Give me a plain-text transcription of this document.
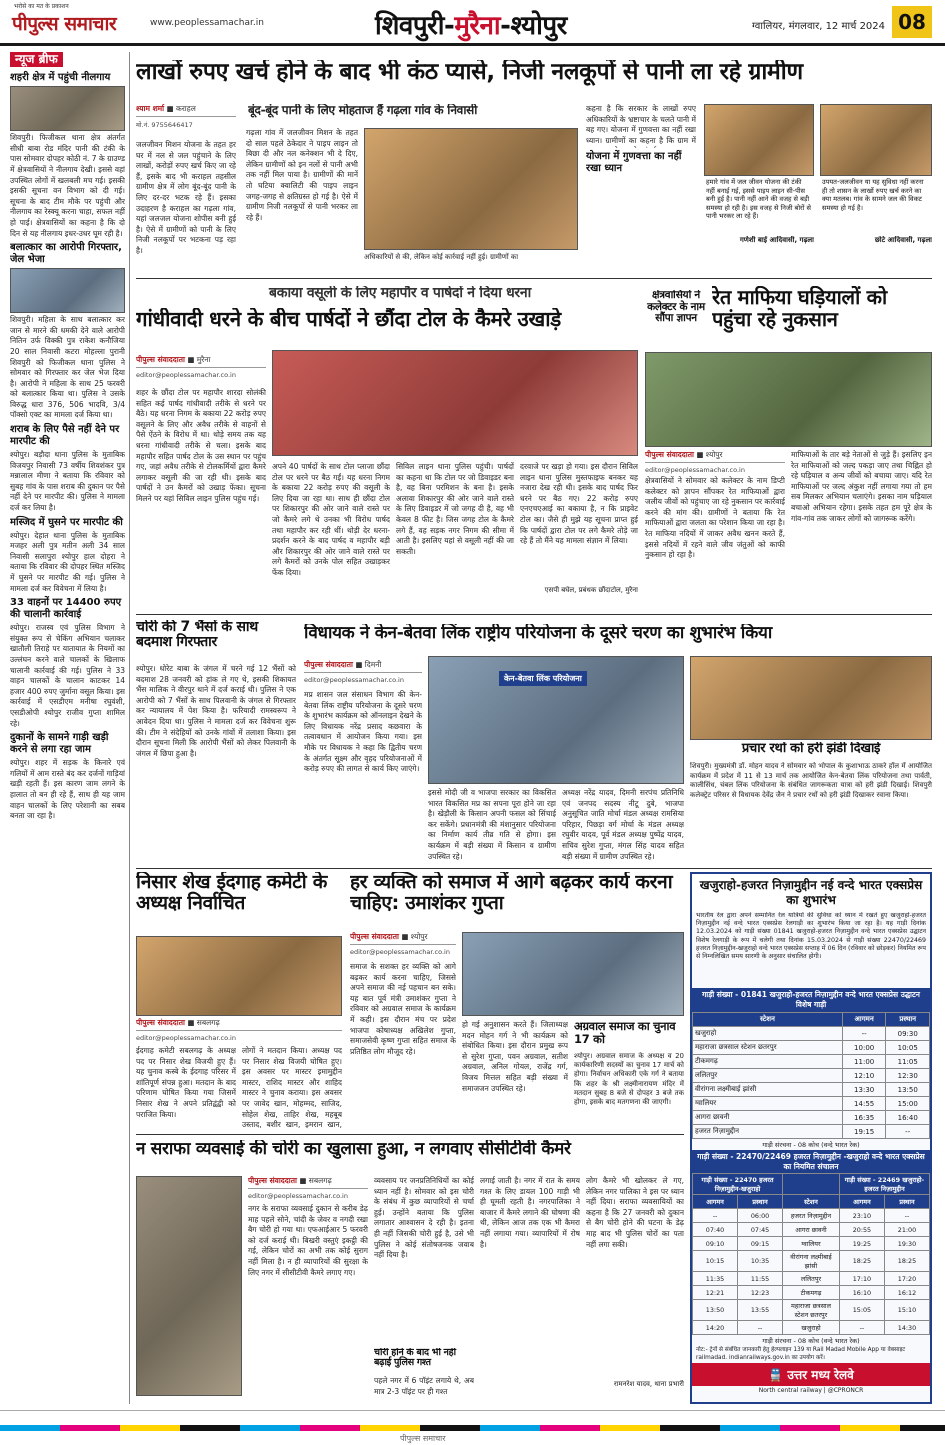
भरोसे का मत के प्रकाशन
पीपुल्स समाचार	www.peoplessamachar.in	शिवपुरी-मुरैना-श्योपुर	ग्वालियर, मंगलवार, 12 मार्च 2024 08
न्यूज ब्रीफ
शहरी क्षेत्र में पहुंची नीलगाय
शिवपुरी। फिजीकल थाना क्षेत्र अंतर्गत सीधी बाबा रोड मंदिर पानी की टंकी के पास सोमवार दोपहर कोठी नं. 7 के ग्राउण्ड में क्षेत्रवासियों ने नीलगाय देखी। इससे वहां उपस्थित लोगों में खलबली मच गई। इसकी इसकी सूचना वन विभाग को दी गई। सूचना के बाद टीम मौके पर पहुंची और नीलगाय का रेस्क्यू करना चाहा, सफल नहीं हो पाई। क्षेत्रवासियों का कहना है कि दो दिन से यह नीलगाय इधर-उधर घूम रही है।
बलात्कार का आरोपी गिरफ्तार, जेल भेजा
शिवपुरी। महिला के साथ बलात्कार कर जान से मारने की धमकी देने वाले आरोपी नितिन उर्फ विक्की पुत्र राकेश कनौजिया 20 साल निवासी कटरा मोहल्ला पुरानी शिवपुरी को फिजीकल थाना पुलिस ने सोमवार को गिरफ्तार कर जेल भेज दिया है। आरोपी ने महिला के साथ 25 फरवरी को बलात्कार किया था। पुलिस ने उसके विरुद्ध धारा 376, 506 भादवि, 3/4 पॉक्सो एक्ट का मामला दर्ज किया था।
शराब के लिए पैसे नहीं देने पर मारपीट की
श्योपुर। बड़ौदा थाना पुलिस के मुताबिक विजयपुर निवासी 73 वर्षीय शिवशंकर पुत्र मन्नालाल मीणा ने बताया कि रविवार को सुबह गांव के पास शराब की दुकान पर पैसे नहीं देने पर मारपीट की। पुलिस ने मामला दर्ज कर लिया है।
मस्जिद में घुसने पर मारपीट की
श्योपुर। देहात थाना पुलिस के मुताबिक मजहर अली पुत्र मतीन अली 34 साल निवासी सलापुरा श्योपुर हाल दोहरा ने बताया कि रविवार की दोपहर स्थित मस्जिद में घुसने पर मारपीट की गई। पुलिस ने मामला दर्ज कर विवेचना में लिया है।
33 वाहनों पर 14400 रुपए की चालानी कार्रवाई
श्योपुर। राजस्व एवं पुलिस विभाग ने संयुक्त रूप से चेकिंग अभियान चलाकर खातौली तिराहे पर यातायात के नियमों का उल्लंघन करने वाले चालकों के खिलाफ चालानी कार्रवाई की गई। पुलिस ने 33 वाहन चालकों के चालान काटकर 14 हजार 400 रुपए जुर्माना वसूल किया। इस कार्रवाई में एसडीएम मनीषा रघुवंशी, एसडीओपी श्योपुर राजीव गुप्ता शामिल रहे।
दुकानों के सामने गाड़ी खड़ी करने से लगा रहा जाम
श्योपुर। शहर में सड़क के किनारे एवं गलियों में आम रास्ते बंद कर दर्जनों गाड़ियां खड़ी रहती हैं। इस कारण जाम लगने के हालात तो बन ही रहे हैं, साथ ही यह जाम वाहन चालकों के लिए परेशानी का सबब बनता जा रहा है।
लाखों रुपए खर्च होने के बाद भी कंठ प्यासे, निजी नलकूपों से पानी ला रहे ग्रामीण
श्याम शर्मा ■ कराहल
मो.नं. 9755646417
बूंद-बूंद पानी के लिए मोहताज हैं गढ़ला गांव के निवासी
जलजीवन मिशन योजना के तहत हर घर में नल से जल पहुंचाने के लिए लाखों, करोड़ों रुपए खर्च किए जा रहे हैं, इसके बाद भी कराहल तहसील ग्रामीण क्षेत्र में लोग बूंद-बूंद पानी के लिए दर-दर भटक रहे हैं। इसका उदाहरण है कराहल का गढ़ला गांव, यहां जलजल योजना शोपीस बनी हुई है। ऐसे में ग्रामीणों को पानी के लिए निजी नलकूपों पर भटकना पड़ रहा है।
गढ़ला गांव में जलजीवन मिशन के तहत दो साल पहले ठेकेदार ने पाइप लाइन तो बिछा दी और नल कनेक्शन भी दे दिए, लेकिन ग्रामीणों को इन नलों से पानी अभी तक नहीं मिल पाया है। ग्रामीणों की मानें तो घटिया क्वालिटी की पाइप लाइन जगह-जगह से क्षतिग्रस्त हो गई है। ऐसे में ग्रामीण निजी नलकूपों से पानी भरकर ला रहे हैं।
अधिकारियों से की, लेकिन कोई कार्रवाई नहीं हुई। ग्रामीणों का
कहना है कि सरकार के लाखों रुपए अधिकारियों के भ्रष्टाचार के चलते पानी में बह गए। योजना में गुणवत्ता का नहीं रखा ध्यान। ग्रामीणों का कहना है कि ग्राम में
योजना में गुणवत्ता का नहीं रखा ध्यान
हमारे गांव में जल जीवन योजना की टंकी नहीं बनाई गई, इससे पाइप लाइन सी-पीस बनी हुई है। पानी नहीं आने की वजह से बड़ी समस्या हो रही है। इस वजह से निजी बोरों से पानी भरकर ला रहे हैं।
उपयत-जलजीवन या यह सुविधा नहीं करना ही तो शासन के लाखों रुपए खर्च करने का क्या मतलब। गांव के सामने जल की विकट समस्या हो गई है।
गणेशी बाई आदिवासी, गढ़ला	छोटे आदिवासी, गढ़ला
बकाया वसूली के लिए महापौर व पार्षदों ने दिया धरना
गांधीवादी धरने के बीच पार्षदों ने छौंदा टोल के कैमरे उखाड़े
पीपुल्स संवाददाता ■ मुरैना
editor@peoplessamachar.co.in
शहर के छौंदा टोल पर महापौर शारदा सोलंकी सहित कई पार्षद गांधीवादी तरीके से धरने पर बैठे। यह धरना निगम के बकाया 22 करोड़ रुपए वसूलने के लिए और अवैध तरीके से वाहनों से पैसे ऐंठने के विरोध में था। थोड़े समय तक यह धरना गांधीवादी तरीके से चला। इसके बाद महापौर सहित पार्षद टोल के उस स्थान पर पहुंच गए, जहां अवैध तरीके से टोलकर्मियों द्वारा कैमरे लगाकर वसूली की जा रही थी। इसके बाद पार्षदों ने उन कैमरों को उखाड़ फेंका। सूचना मिलने पर यहां सिविल लाइन पुलिस पहुंच गई।
अपने 40 पार्षदों के साथ टोल प्लाजा छौंदा टोल पर धरने पर बैठ गईं। यह धरना निगम के बकाया 22 करोड़ रुपए की वसूली के लिए दिया जा रहा था। साथ ही छौंदा टोल पर शिकारपुर की ओर जाने वाले रास्ते पर जो कैमरे लगे थे उनका भी विरोध पार्षद तथा महापौर कर रही थीं। थोड़ी देर धरना-प्रदर्शन करने के बाद पार्षद व महापौर बड़ी और शिकारपुर की ओर जाने वाले रास्ते पर लगे कैमरों को उनके पोल सहित उखाड़कर फेंक दिया।
सिविल लाइन थाना पुलिस पहुंची। पार्षदों का कहना था कि टोल पर जो डिवाइडर बना है, वह बिना परमिशन के बना है। इसके अलावा शिकारपुर की ओर जाने वाले रास्ते के लिए डिवाइडर में जो जगह दी है, वह भी केवल 8 फीट है। जिस जगह टोल के कैमरे लगे हैं, वह सड़क नगर निगम की सीमा में आती है। इसलिए यहां से वसूली नहीं की जा सकती।
दरवाजे पर खड़ा हो गया। इस दौरान सिविल लाइन थाना पुलिस मुस्तफाइफ बनकर यह नजारा देख रही थी। इसके बाद पार्षद फिर धरने पर बैठ गए। 22 करोड़ रुपए एनएचएआई का बकाया है, न कि प्राइवेट टोल का। जैसे ही मुझे यह सूचना प्राप्त हुई कि पार्षदों द्वारा टोल पर लगे कैमरे तोड़े जा रहे हैं तो मैंने यह मामला संज्ञान में लिया।
एसपी बघेल, प्रबंधक छौंदाटोल, मुरैना
क्षेत्रवासियों ने कलेक्टर के नाम सौंपा ज्ञापन
रेत माफिया घड़ियालों को पहुंचा रहे नुकसान
पीपुल्स संवाददाता ■ श्योपुर
editor@peoplessamachar.co.in
क्षेत्रवासियों ने सोमवार को कलेक्टर के नाम डिप्टी कलेक्टर को ज्ञापन सौंपकर रेत माफियाओं द्वारा जलीय जीवों को पहुंचाए जा रहे नुकसान पर कार्रवाई करने की मांग की। ग्रामीणों ने बताया कि रेत माफियाओं द्वारा जलता का परेशान किया जा रहा है। रेत माफिया नदियों में जाकर अवैध खनन करते हैं, इससे नदियों में रहने वाले जीव जंतुओं को काफी नुकसान हो रहा है।
माफियाओं के तार बड़े नेताओं से जुड़े हैं। इसलिए इन रेत माफियाओं को जल्द पकड़ा जाए तथा चिह्नित हो रहे घड़ियाल व अन्य जीवों को बचाया जाए। यदि रेत माफियाओं पर जल्द अंकुश नहीं लगाया गया तो हम सब मिलकर अभियान चलाएंगे। इसका नाम घड़ियाल बचाओ अभियान रहेगा। इसके तहत हम पूरे क्षेत्र के गांव-गांव तक जाकर लोगों को जागरूक करेंगे।
चोरी की 7 भैंसों के साथ बदमाश गिरफ्तार
श्योपुर। धोरेट बाबा के जंगल में चरने गई 12 भैंसों को बदमाश 28 जनवरी को हांक ले गए थे, इसकी शिकायत भैंस मालिक ने वीरपुर थाने में दर्ज कराई थी। पुलिस ने एक आरोपी को 7 भैंसों के साथ पिलवानी के जंगल से गिरफ्तार कर न्यायालय में पेश किया है। फरियादी रामस्वरूप ने आवेदन दिया था। पुलिस ने मामला दर्ज कर विवेचना शुरू की। टीम ने संदेहियों को उनके गांवों में तलाशा किया। इस दौरान सूचना मिली कि आरोपी भैंसों को लेकर पिलवानी के जंगल में छिपा हुआ है।
विधायक ने केन-बेतवा लिंक राष्ट्रीय परियोजना के दूसरे चरण का शुभारंभ किया
पीपुल्स संवाददाता ■ दिमनी
editor@peoplessamachar.co.in	केन-बेतवा लिंक परियोजना
मप्र शासन जल संसाधन विभाग की केन-बेतवा लिंक राष्ट्रीय परियोजना के दूसरे चरण के शुभारंभ कार्यक्रम को ऑनलाइन देखने के लिए विधायक नरेंद्र प्रसाद कछवारा के तत्वावधान में आयोजन किया गया। इस मौके पर विधायक ने कहा कि द्वितीय चरण के अंतर्गत सूक्ष्म और वृहद परियोजनाओं में करोड़ रुपए की लागत से कार्य किए जाएंगे।
इससे मोदी जी व भाजपा सरकार का विकसित भारत विकसित मप्र का सपना पूरा होने जा रहा है। खेड़ौली के किसान अपनी फसल को सिंचाई कर सकेंगे। प्रधानमंत्री की मंशानुसार परियोजना का निर्माण कार्य तीव्र गति से होगा। इस कार्यक्रम में बड़ी संख्या में किसान व ग्रामीण उपस्थित रहे।
अध्यक्ष नरेंद्र यादव, दिमनी सरपंच प्रतिनिधि एवं जनपद सदस्य नीटू दुबे, भाजपा अनुसूचित जाति मोर्चा मंडल अध्यक्ष रामसिया परिहार, पिछड़ा वर्ग मोर्चा के मंडल अध्यक्ष रघुवीर यादव, पूर्व मंडल अध्यक्ष पुष्पेंद्र यादव, सचिव सुरेश गुप्ता, मंगल सिंह यादव सहित बड़ी संख्या में ग्रामीण उपस्थित रहे।
प्रचार रथों को हरी झंडी दिखाई
शिवपुरी। मुख्यमंत्री डॉ. मोहन यादव ने सोमवार को भोपाल के कुशाभाऊ ठाकरे हॉल में आयोजित कार्यक्रम में प्रदेश में 11 से 13 मार्च तक आयोजित केन-बेतवा लिंक परियोजना तथा पार्वती, कालीसिंध, चंबल लिंक परियोजना के संबंधित जागरूकता यात्रा को हरी झंडी दिखाई। शिवपुरी कलेक्ट्रेट परिसर से विधायक देवेंद्र जैन ने प्रचार रथों को हरी झंडी दिखाकर रवाना किया।
निसार शेख ईदगाह कमेटी के अध्यक्ष निर्वाचित
पीपुल्स संवाददाता ■ सबलगढ़
editor@peoplessamachar.co.in
ईदगाह कमेटी सबलगढ़ के अध्यक्ष पद पर निसार शेख विजयी हुए हैं। यह चुनाव कस्बे के ईदगाह परिसर में शांतिपूर्ण संपन्न हुआ। मतदान के बाद परिणाम घोषित किया गया जिसमें निसार शेख ने अपने प्रतिद्वंद्वी को पराजित किया।
लोगों ने मतदान किया। अध्यक्ष पद पर निसार शेख विजयी घोषित हुए। इस अवसर पर मास्टर इमामुद्दीन मास्टर, राशिद मास्टर और शाहिद मास्टर ने चुनाव कराया। इस अवसर पर जावेद खान, मोहम्मद, साजिद, सोहेल शेख, ताहिर शेख, महबूब उस्ताद, बशीर खान, इमरान खान,
हर व्यक्ति को समाज में आगे बढ़कर कार्य करना चाहिए: उमाशंकर गुप्ता
पीपुल्स संवाददाता ■ श्योपुर
editor@peoplessamachar.co.in
समाज के सशक्त हर व्यक्ति को आगे बढ़कर कार्य करना चाहिए, जिससे अपने समाज की नई पहचान बन सके। यह बात पूर्व मंत्री उमाशंकर गुप्ता ने रविवार को अग्रवाल समाज के कार्यक्रम में कही। इस दौरान मंच पर प्रदेश भाजपा कोषाध्यक्ष अखिलेश गुप्ता, समाजसेवी कृष्ण गुप्ता सहित समाज के प्रतिष्ठित लोग मौजूद रहे।
हो गई अनुशासन करते हैं। जिलाध्यक्ष मदन मोहन गर्ग ने भी कार्यक्रम को संबोधित किया। इस दौरान प्रमुख रूप से सुरेश गुप्ता, पवन अग्रवाल, सतीश अग्रवाल, अनिल गोयल, राजेंद्र गर्ग, विजय मित्तल सहित बड़ी संख्या में समाजजन उपस्थित रहे।
अग्रवाल समाज का चुनाव 17 को
श्योपुर। अग्रवाल समाज के अध्यक्ष व 20 कार्यकारिणी सदस्यों का चुनाव 17 मार्च को होगा। निर्वाचन अधिकारी एके गर्ग ने बताया कि शहर के श्री लक्ष्मीनारायण मंदिर में मतदान सुबह 8 बजे से दोपहर 3 बजे तक होगा, इसके बाद मतगणना की जाएगी।
न सराफा व्यवसाई की चोरी का खुलासा हुआ, न लगवाए सीसीटीवी कैमरे
पीपुल्स संवाददाता ■ सबलगढ़
editor@peoplessamachar.co.in
नगर के सराफा व्यवसाई दुकान से करीब डेढ़ माह पहले सोने, चांदी के जेवर व नगदी रखा बैग चोरी हो गया था। एफआईआर 5 फरवरी को दर्ज कराई थी। बिखरी वस्तुएं इकट्ठी की गई, लेकिन चोरों का अभी तक कोई सुराग नहीं मिला है। न ही व्यापारियों की सुरक्षा के लिए नगर में सीसीटीवी कैमरे लगाए गए।
व्यवसाय पर जनप्रतिनिधियों का कोई ध्यान नहीं है। सोमवार को इस चोरी के संबंध में कुछ व्यापारियों से चर्चा हुई। उन्होंने बताया कि पुलिस लगातार आश्वासन दे रही है। इतना ही नहीं जिसकी चोरी हुई है, उसे भी पुलिस ने कोई संतोषजनक जवाब नहीं दिया है।
चोरी होने के बाद भी नहीं बढ़ाई पुलिस गश्त
पहले नगर में 6 पॉइंट लगाये थे, अब मात्र 2-3 पॉइंट पर ही गश्त
लगाई जाती है। नगर में रात के समय गश्त के लिए डायल 100 गाड़ी भी ही घूमती रहती है। नगरपालिका ने बाजार में कैमरे लगाने की घोषणा की थी, लेकिन आज तक एक भी कैमरा नहीं लगाया गया। व्यापारियों में रोष है।
लोग कैमरे भी खोलकर ले गए, लेकिन नगर पालिका ने इस पर ध्यान नहीं दिया। सराफा व्यवसायियों का कहना है कि 27 जनवरी को दुकान से बैग चोरी होने की घटना के डेढ़ माह बाद भी पुलिस चोरों का पता नहीं लगा सकी।
रामनरेश यादव, थाना प्रभारी
खजुराहो-हजरत निज़ामुद्दीन नई वन्दे भारत एक्सप्रेस का शुभारंभ
भारतीय रेल द्वारा अपने सम्मानित रेल यात्रियों की सुविधा को ध्यान में रखते हुए खजुराहो-हजरत निज़ामुद्दीन नई वन्दे भारत एक्सप्रेस रेलगाड़ी का शुभारंभ किया जा रहा है। यह गाड़ी दिनांक 12.03.2024 को गाड़ी संख्या 01841 खजुराहो-हजरत निज़ामुद्दीन वन्दे भारत एक्सप्रेस उद्घाटन विशेष रेलगाड़ी के रूप में चलेगी तथा दिनांक 15.03.2024 से गाड़ी संख्या 22470/22469 हजरत निज़ामुद्दीन-खजुराहो वन्दे भारत एक्सप्रेस सप्ताह में 06 दिन (रविवार को छोड़कर) नियमित रूप से निम्नलिखित समय सारणी के अनुसार संचालित होगी।
गाड़ी संख्या - 01841 खजुराहो-हजरत निज़ामुद्दीन वन्दे भारत एक्सप्रेस उद्घाटन विशेष गाड़ी
स्टेशन	आगमन	प्रस्थान
खजुराहो	--	09:30
महाराजा छत्रसाल स्टेशन छतरपुर	10:00	10:05
टीकमगढ़	11:00	11:05
ललितपुर	12:10	12:30
वीरांगना लक्ष्मीबाई झांसी	13:30	13:50
ग्वालियर	14:55	15:00
आगरा छावनी	16:35	16:40
हजरत निज़ामुद्दीन	19:15	--
गाड़ी संरचना - 08 कोच (वन्दे भारत रेक)
गाड़ी संख्या - 22470/22469 हजरत निज़ामुद्दीन -खजुराहो वन्दे भारत एक्सप्रेस का नियमित संचालन
गाड़ी संख्या - 22470 हजरत निज़ामुद्दीन-खजुराहो			गाड़ी संख्या - 22469 खजुराहो-हजरत निज़ामुद्दीन	
आगमन	प्रस्थान	स्टेशन	आगमन	प्रस्थान
--	06:00	हजरत निज़ामुद्दीन	23:10	--
07:40	07:45	आगरा छावनी	20:55	21:00
09:10	09:15	ग्वालियर	19:25	19:30
10:15	10:35	वीरांगना लक्ष्मीबाई झांसी	18:25	18:25
11:35	11:55	ललितपुर	17:10	17:20
12:21	12:23	टीकमगढ़	16:10	16:12
13:50	13:55	महाराजा छत्रसाल स्टेशन छतरपुर	15:05	15:10
14:20	--	खजुराहो	--	14:30
गाड़ी संरचना - 08 कोच (वन्दे भारत रेक)
नोट:- ट्रेनों से संबंधित जानकारी हेतु हेल्पलाइन 139 या Rail Madad Mobile App या वेबसाइट railmadad. indianrailways.gov.in का उपयोग करें।
🚆 उत्तर मध्य रेलवे
North central railway | @CPRONCR
पीपुल्स समाचार
